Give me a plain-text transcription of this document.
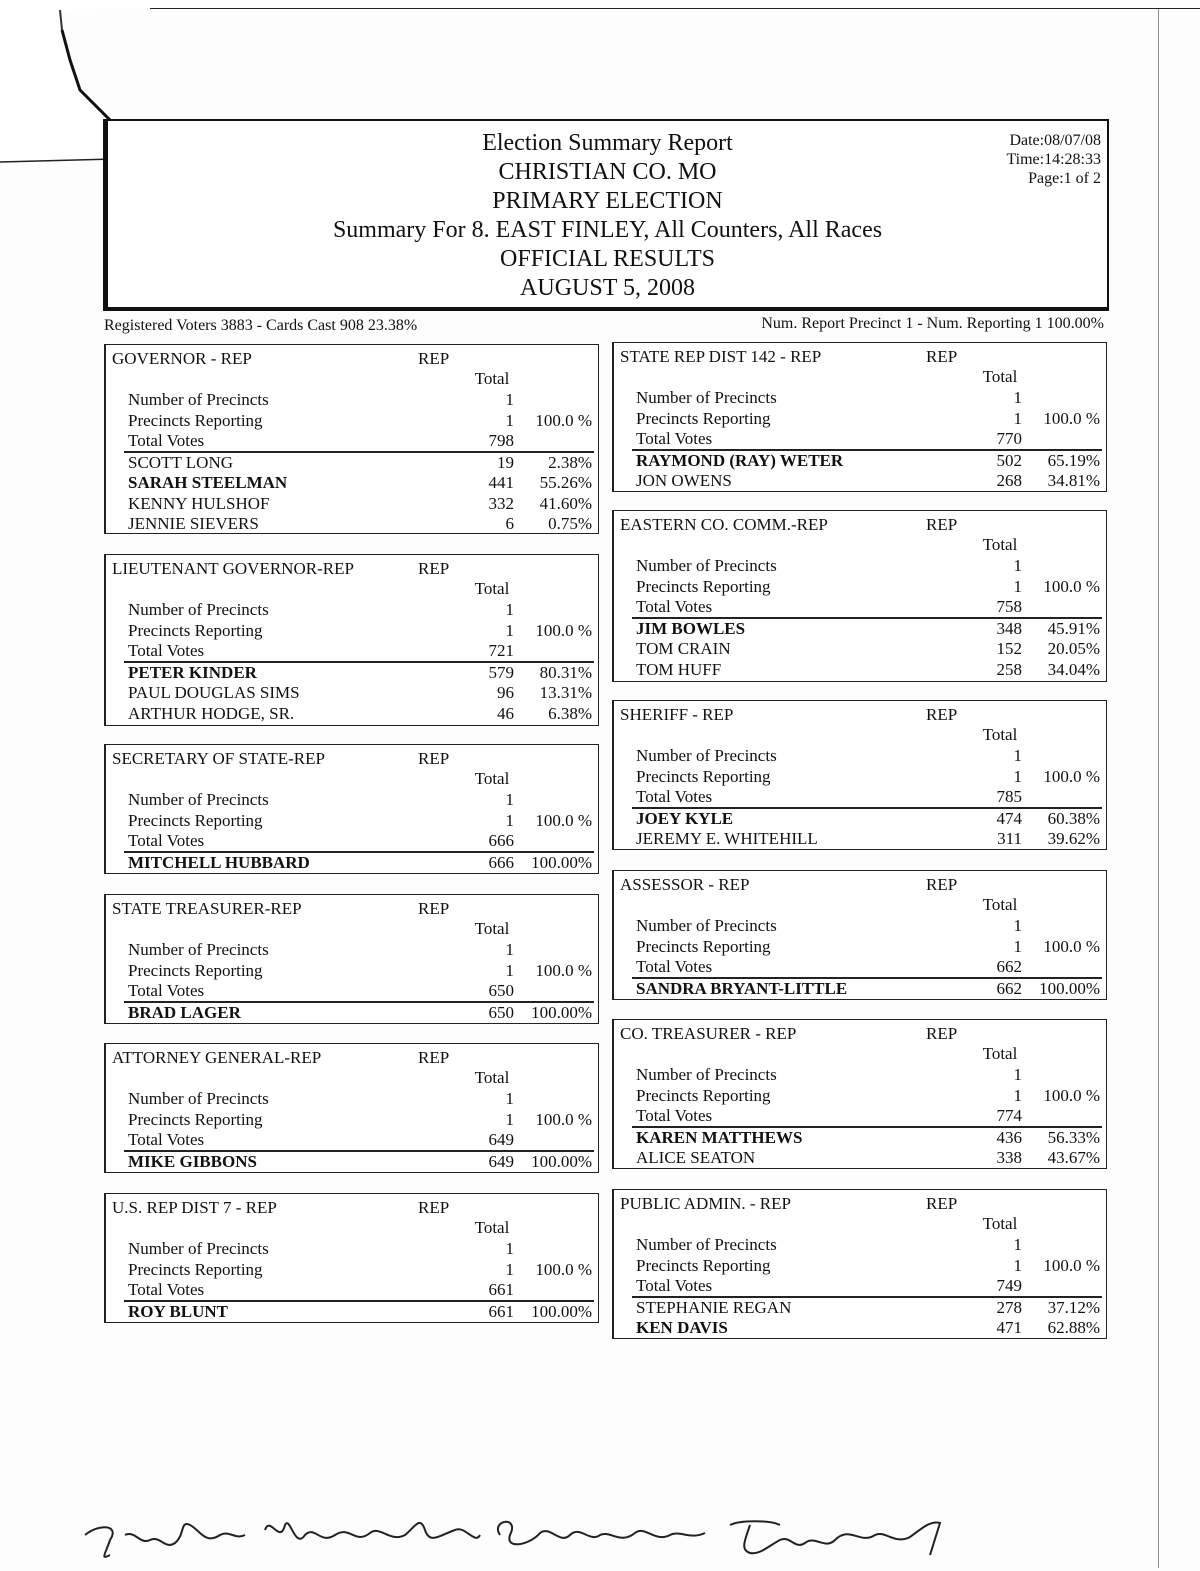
Election Summary Report
CHRISTIAN CO. MO
PRIMARY ELECTION
Summary For 8. EAST FINLEY, All Counters, All Races
OFFICIAL RESULTS
AUGUST 5, 2008
Date:08/07/08
Time:14:28:33
Page:1 of 2
Registered Voters 3883 - Cards Cast 908 23.38%	Num. Report Precinct 1 - Num. Reporting 1 100.00%
GOVERNOR - REP	REP
Total
Number of Precincts	1
Precincts Reporting	1 100.0 %
Total Votes	798
SCOTT LONG	19 2.38%
SARAH STEELMAN	441 55.26%
KENNY HULSHOF	332 41.60%
JENNIE SIEVERS	6 0.75%
LIEUTENANT GOVERNOR-REP	REP
Total
Number of Precincts	1
Precincts Reporting	1 100.0 %
Total Votes	721
PETER KINDER	579 80.31%
PAUL DOUGLAS SIMS	96 13.31%
ARTHUR HODGE, SR.	46 6.38%
SECRETARY OF STATE-REP	REP
Total
Number of Precincts	1
Precincts Reporting	1 100.0 %
Total Votes	666
MITCHELL HUBBARD	666 100.00%
STATE TREASURER-REP	REP
Total
Number of Precincts	1
Precincts Reporting	1 100.0 %
Total Votes	650
BRAD LAGER	650 100.00%
ATTORNEY GENERAL-REP	REP
Total
Number of Precincts	1
Precincts Reporting	1 100.0 %
Total Votes	649
MIKE GIBBONS	649 100.00%
U.S. REP DIST 7 - REP	REP
Total
Number of Precincts	1
Precincts Reporting	1 100.0 %
Total Votes	661
ROY BLUNT	661 100.00%
STATE REP DIST 142 - REP	REP
Total
Number of Precincts	1
Precincts Reporting	1 100.0 %
Total Votes	770
RAYMOND (RAY) WETER	502 65.19%
JON OWENS	268 34.81%
EASTERN CO. COMM.-REP	REP
Total
Number of Precincts	1
Precincts Reporting	1 100.0 %
Total Votes	758
JIM BOWLES	348 45.91%
TOM CRAIN	152 20.05%
TOM HUFF	258 34.04%
SHERIFF - REP	REP
Total
Number of Precincts	1
Precincts Reporting	1 100.0 %
Total Votes	785
JOEY KYLE	474 60.38%
JEREMY E. WHITEHILL	311 39.62%
ASSESSOR - REP	REP
Total
Number of Precincts	1
Precincts Reporting	1 100.0 %
Total Votes	662
SANDRA BRYANT-LITTLE	662 100.00%
CO. TREASURER - REP	REP
Total
Number of Precincts	1
Precincts Reporting	1 100.0 %
Total Votes	774
KAREN MATTHEWS	436 56.33%
ALICE SEATON	338 43.67%
PUBLIC ADMIN. - REP	REP
Total
Number of Precincts	1
Precincts Reporting	1 100.0 %
Total Votes	749
STEPHANIE REGAN	278 37.12%
KEN DAVIS	471 62.88%
